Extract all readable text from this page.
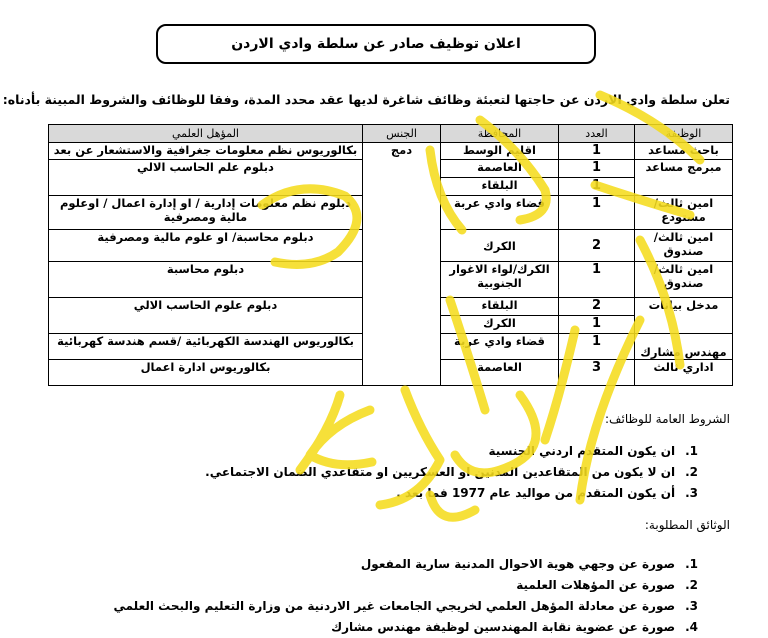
اعلان توظيف صادر عن سلطة وادي الاردن
تعلن سلطة وادي الاردن عن حاجتها لتعبئة وظائف شاغرة لديها عقد محدد المدة، وفقا للوظائف والشروط المبينة بأدناه:
الوظيفة	العدد	المحافظة	الجنس	المؤهل العلمي
باحث مساعد	1	اقليم الوسط	دمج	بكالوريوس نظم معلومات جغرافية والاستشعار عن بعد
مبرمج مساعد	1	العاصمة		دبلوم علم الحاسب الالي
	1	البلقاء		
امين ثالث/مستودع	1	قضاء وادي عربة		دبلوم نظم معلومات إدارية / او إدارة اعمال / اوعلوم مالية ومصرفية
امين ثالث/صندوق	2	الكرك		دبلوم محاسبة/ او علوم مالية ومصرفية
امين ثالث/صندوق	1	الكرك/لواء الاغوار الجنوبية		دبلوم محاسبة
مدخل بيانات	2	البلقاء		دبلوم علوم الحاسب الالي
	1	الكرك		
مهندس مشارك	1	قضاء وادي عربة		بكالوريوس الهندسة الكهربائية /قسم هندسة كهربائية
اداري ثالث	3	العاصمة		بكالوريوس ادارة اعمال
الشروط العامة للوظائف:
1.ان يكون المتقدم اردني الجنسية
2.ان لا يكون من المتقاعدين المدنين او العسكريين او متقاعدي الضمان الاجتماعي.
3.أن يكون المتقدم من مواليد عام 1977 فما بعد .
الوثائق المطلوبة:
1.صورة عن وجهي هوية الاحوال المدنية سارية المفعول
2.صورة عن المؤهلات العلمية
3.صورة عن معادلة المؤهل العلمي لخريجي الجامعات غير الاردنية من وزارة التعليم والبحث العلمي
4.صورة عن عضوية نقابة المهندسين لوظيفة مهندس مشارك
